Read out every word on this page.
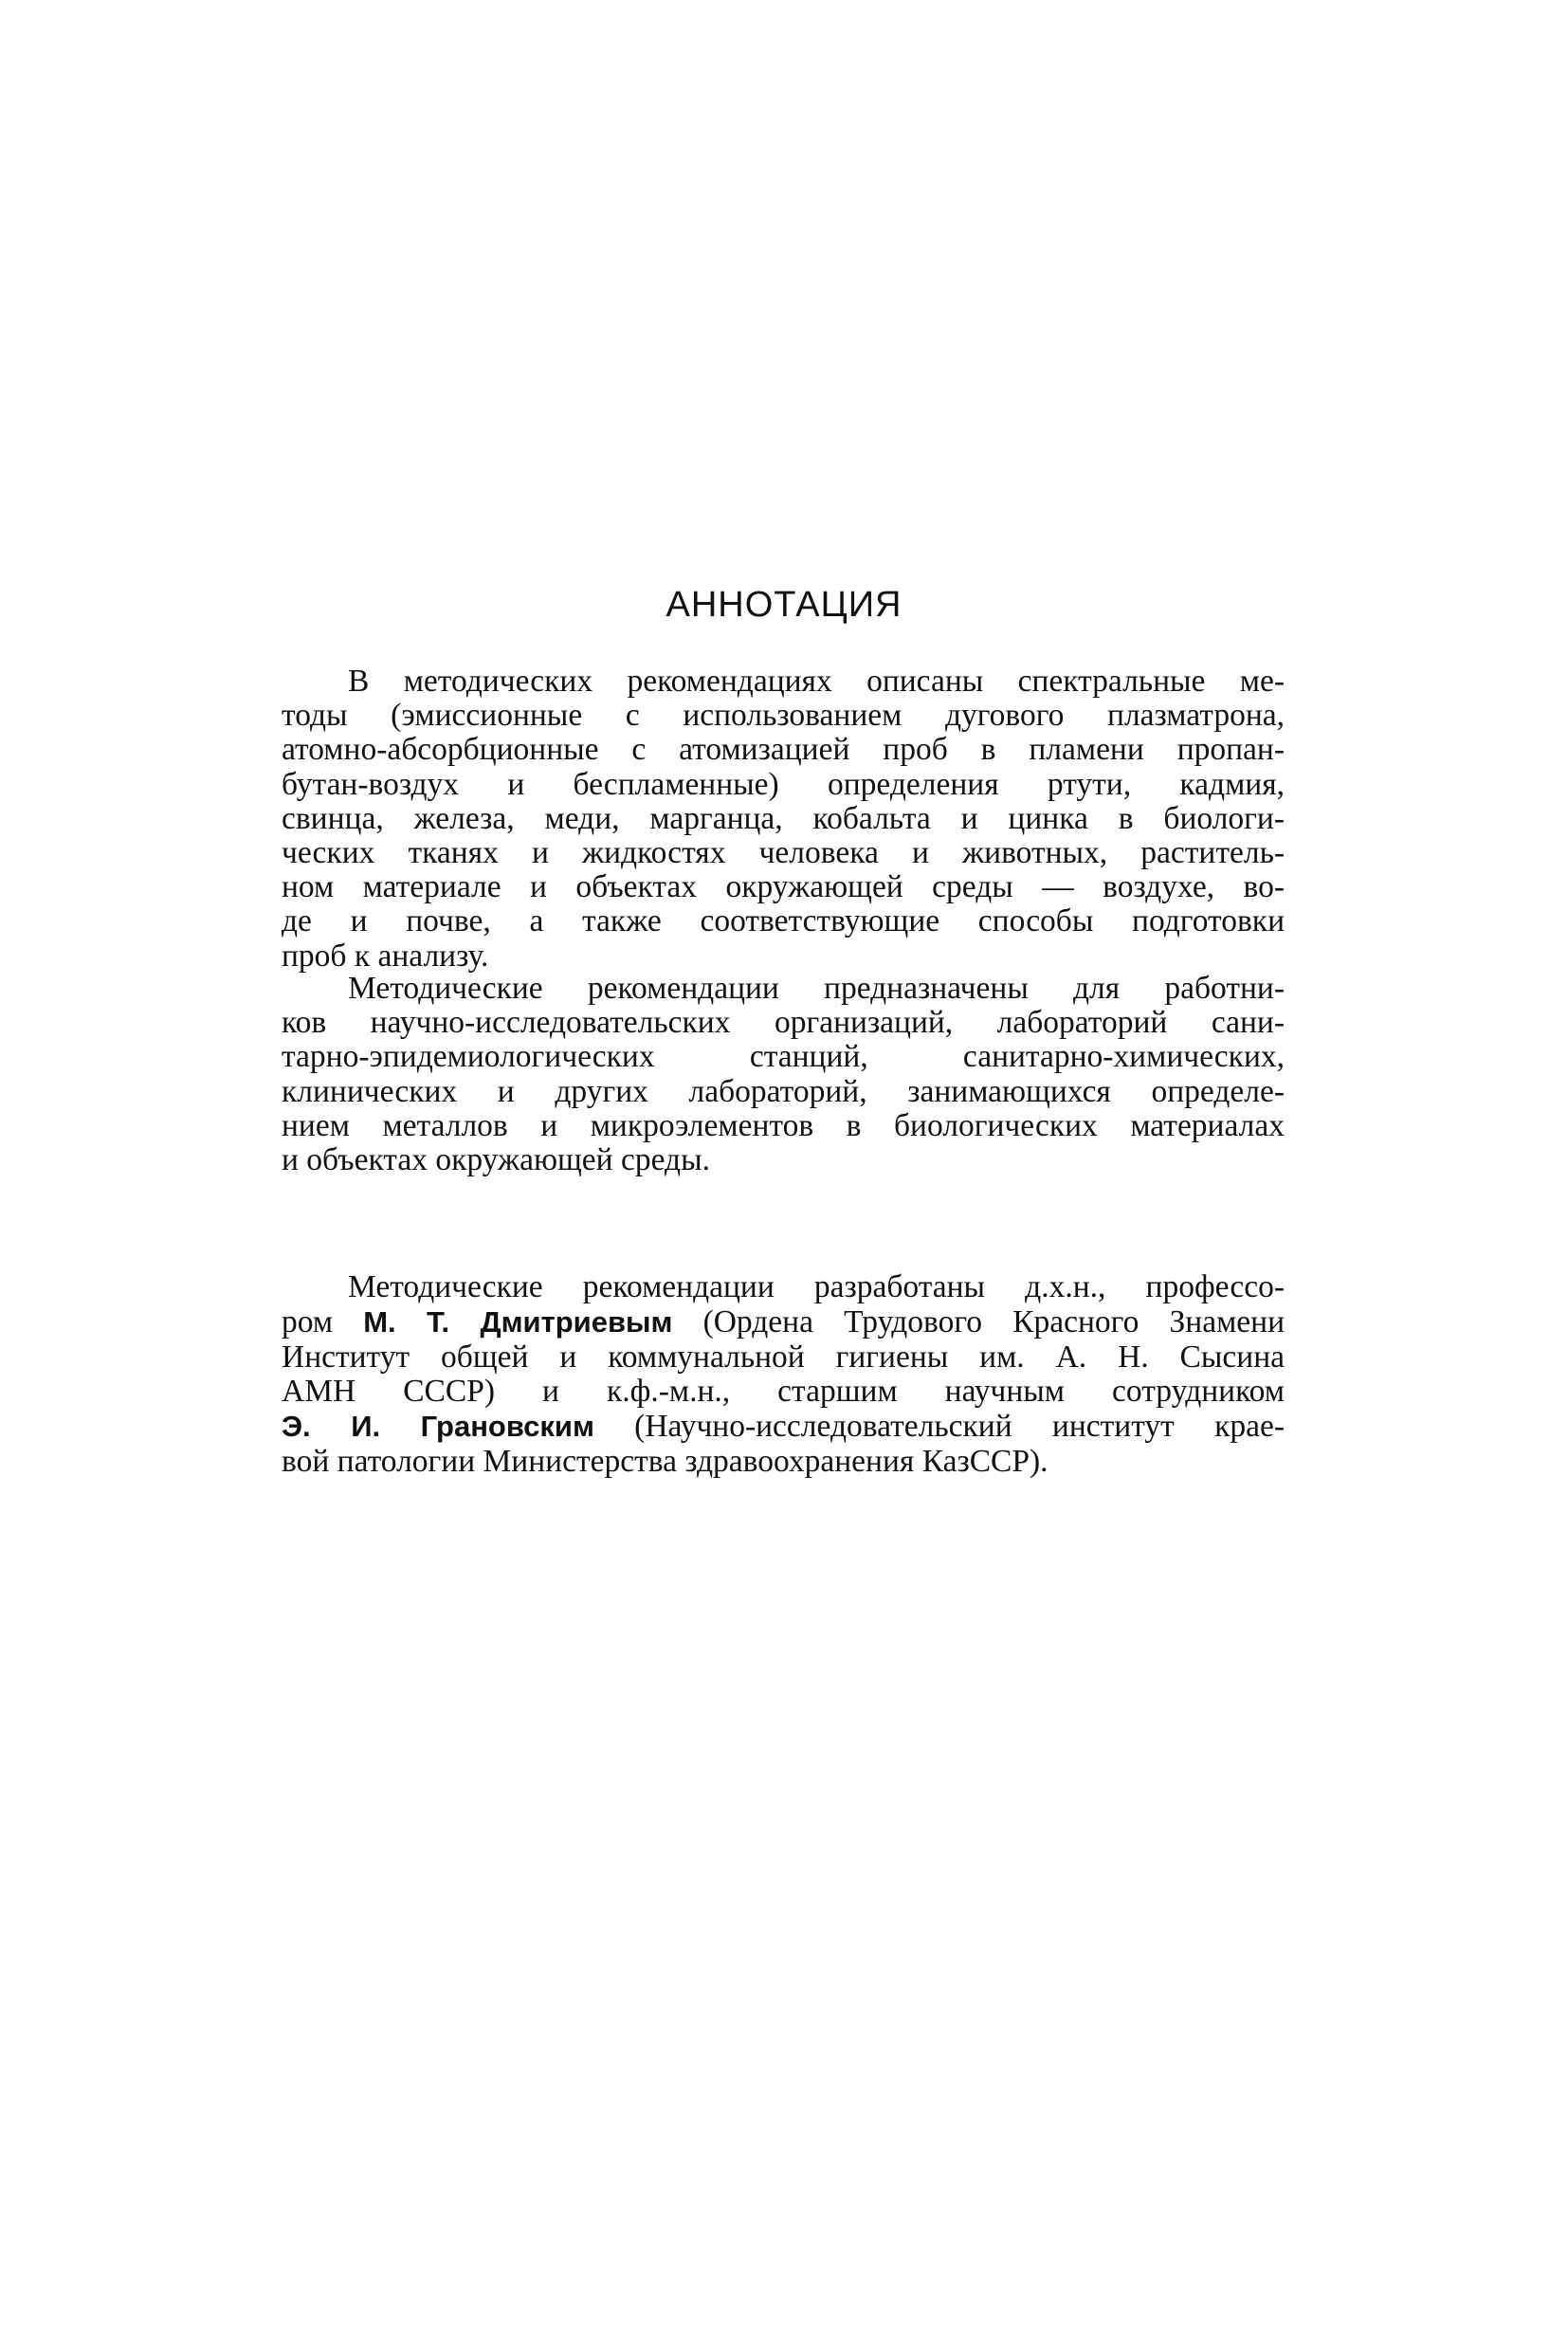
АННОТАЦИЯ
В методических рекомендациях описаны спектральные ме-
тоды (эмиссионные с использованием дугового плазматрона,
атомно-абсорбционные с атомизацией проб в пламени пропан-
бутан-воздух и беспламенные) определения ртути, кадмия,
свинца, железа, меди, марганца, кобальта и цинка в биологи-
ческих тканях и жидкостях человека и животных, раститель-
ном материале и объектах окружающей среды — воздухе, во-
де и почве, а также соответствующие способы подготовки
проб к анализу.
Методические рекомендации предназначены для работни-
ков научно-исследовательских организаций, лабораторий сани-
тарно-эпидемиологических станций, санитарно-химических,
клинических и других лабораторий, занимающихся определе-
нием металлов и микроэлементов в биологических материалах
и объектах окружающей среды.
Методические рекомендации разработаны д.х.н., профессо-
ром М. Т. Дмитриевым (Ордена Трудового Красного Знамени
Институт общей и коммунальной гигиены им. А. Н. Сысина
АМН СССР) и к.ф.-м.н., старшим научным сотрудником
Э. И. Грановским (Научно-исследовательский институт крае-
вой патологии Министерства здравоохранения КазССР).
